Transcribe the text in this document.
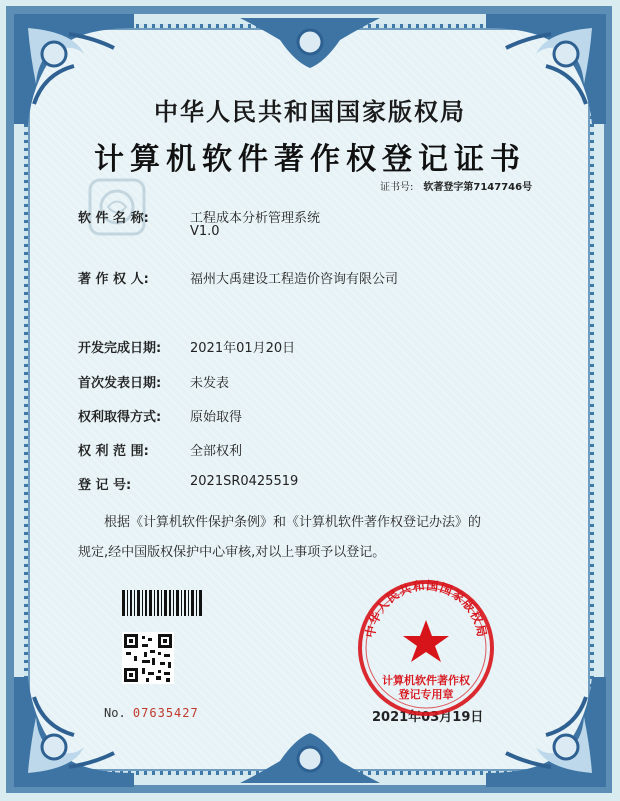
中华人民共和国国家版权局
计算机软件著作权登记证书
证书号: 软著登字第7147746号
软 件 名 称:	工程成本分析管理系统
V1.0
著 作 权 人:	福州大禹建设工程造价咨询有限公司
开发完成日期: 2021年01月20日
首次发表日期: 未发表
权利取得方式: 原始取得
权 利 范 围:	全部权利
登 记 号:	2021SR0425519
根据《计算机软件保护条例》和《计算机软件著作权登记办法》的
规定,经中国版权保护中心审核,对以上事项予以登记。
No. 07635427	2021年03月19日
中华人民共和国国家版权局
计算机软件著作权
登记专用章
